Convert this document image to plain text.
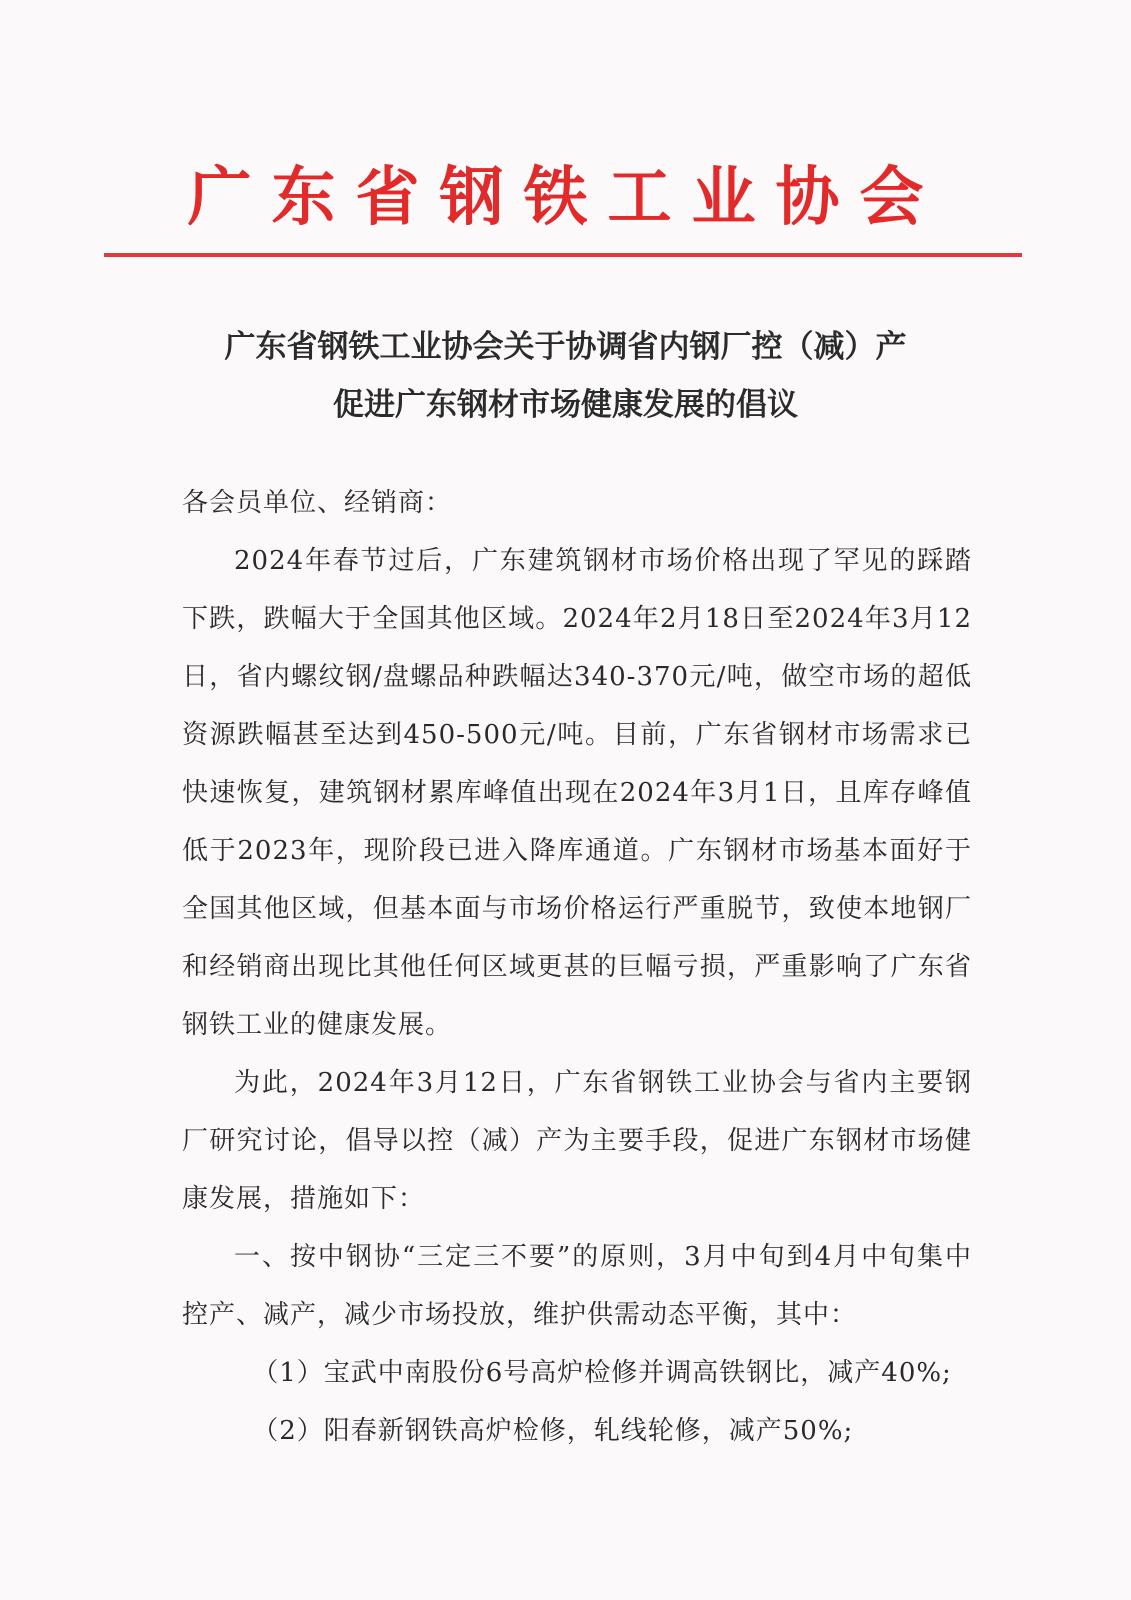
广东省钢铁工业协会
广东省钢铁工业协会关于协调省内钢厂控（减）产
促进广东钢材市场健康发展的倡议

各会员单位、经销商：

2024年春节过后，广东建筑钢材市场价格出现了罕见的踩踏下跌，跌幅大于全国其他区域。2024年2月18日至2024年3月12日，省内螺纹钢/盘螺品种跌幅达340-370元/吨，做空市场的超低资源跌幅甚至达到450-500元/吨。目前，广东省钢材市场需求已快速恢复，建筑钢材累库峰值出现在2024年3月1日，且库存峰值低于2023年，现阶段已进入降库通道。广东钢材市场基本面好于全国其他区域，但基本面与市场价格运行严重脱节，致使本地钢厂和经销商出现比其他任何区域更甚的巨幅亏损，严重影响了广东省钢铁工业的健康发展。

为此，2024年3月12日，广东省钢铁工业协会与省内主要钢厂研究讨论，倡导以控（减）产为主要手段，促进广东钢材市场健康发展，措施如下：

一、按中钢协“三定三不要”的原则，3月中旬到4月中旬集中控产、减产，减少市场投放，维护供需动态平衡，其中：

（1）宝武中南股份6号高炉检修并调高铁钢比，减产40%;

（2）阳春新钢铁高炉检修，轧线轮修，减产50%;
